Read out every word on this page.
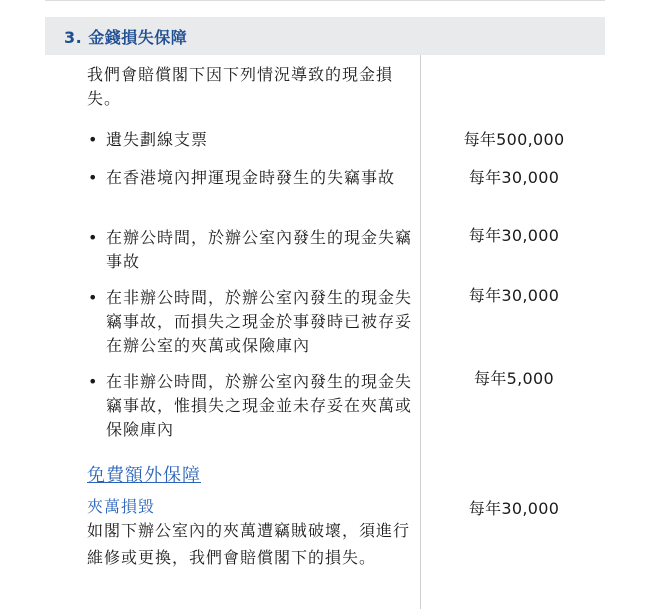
3. 金錢損失保障
我們會賠償閣下因下列情況導致的現金損失。
• 遺失劃線支票	每年500,000
• 在香港境內押運現金時發生的失竊事故	每年30,000
• 在辦公時間，於辦公室內發生的現金失竊事故
每年30,000
• 在非辦公時間，於辦公室內發生的現金失竊事故，而損失之現金於事發時已被存妥在辦公室的夾萬或保險庫內
每年30,000
• 在非辦公時間，於辦公室內發生的現金失竊事故，惟損失之現金並未存妥在夾萬或保險庫內
每年5,000
免費額外保障
夾萬損毀
如閣下辦公室內的夾萬遭竊賊破壞，須進行維修或更換，我們會賠償閣下的損失。
每年30,000
